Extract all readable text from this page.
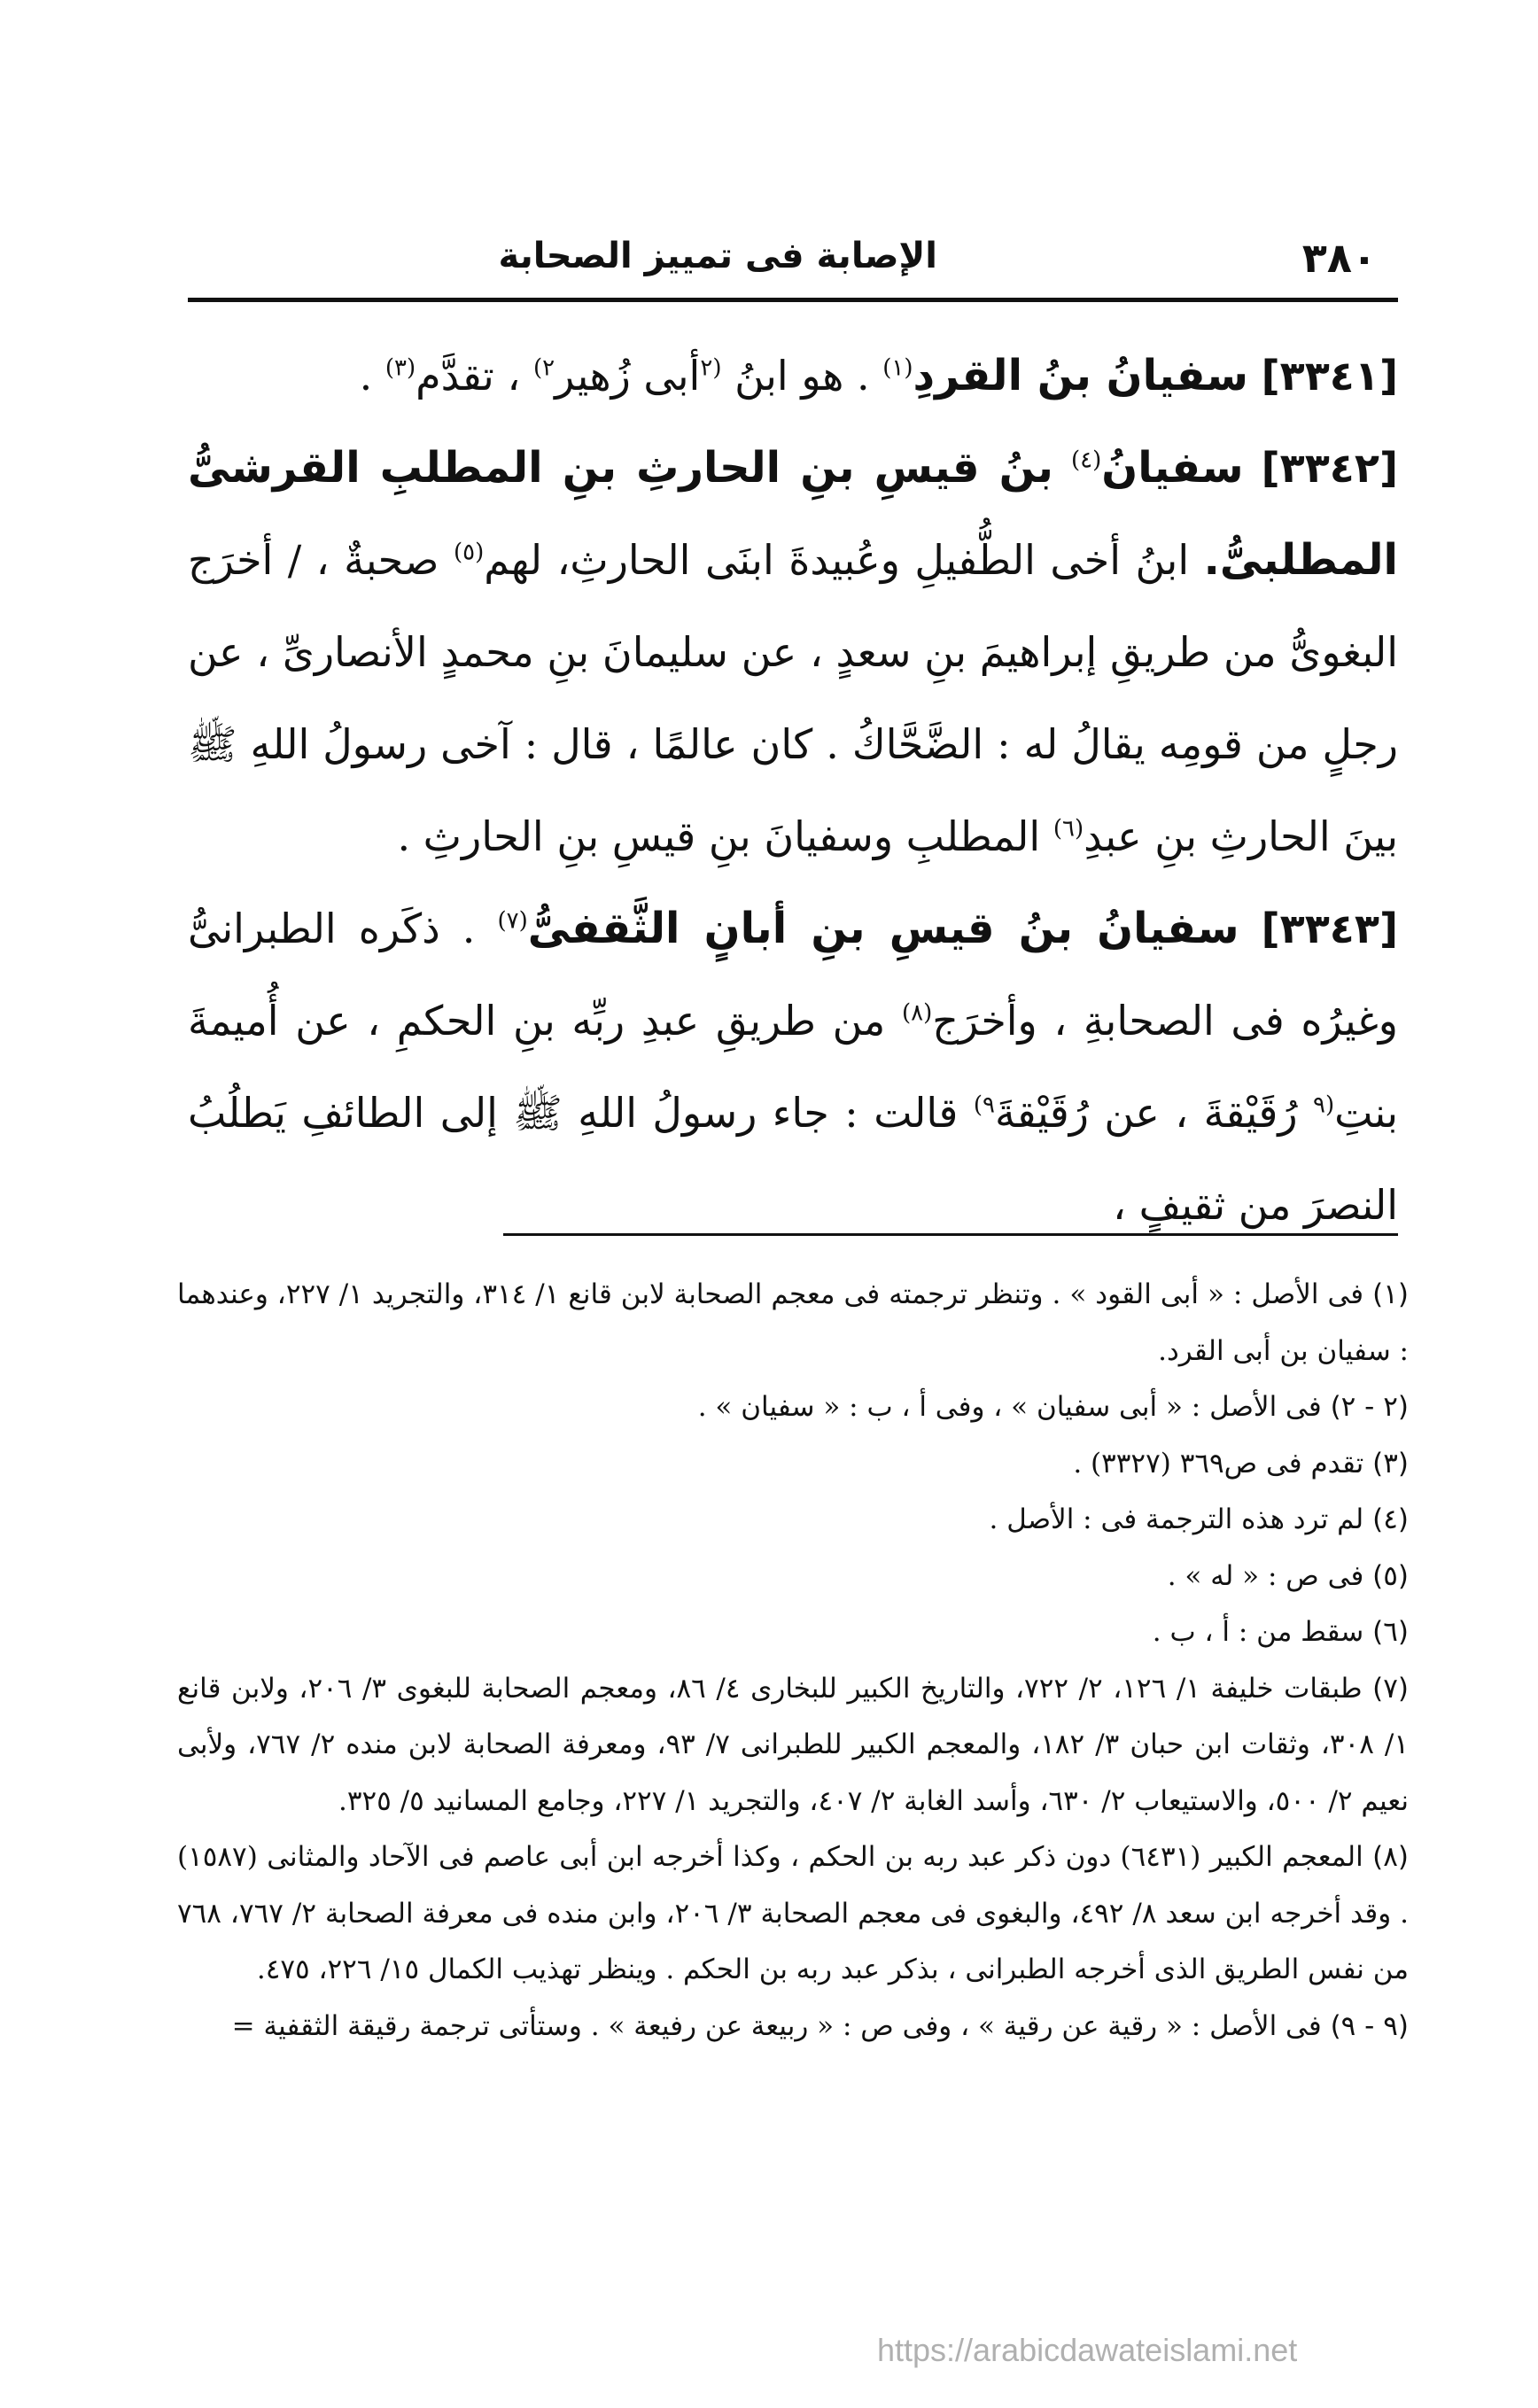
٣٨٠
الإصابة فى تمييز الصحابة

[٣٣٤١] سفيانُ بنُ القردِ$^{(١)}$ . هو ابنُ $^{(٢}$أبى زُهير$^{٢)}$ ، تقدَّم$^{(٣)}$ .

[٣٣٤٢] سفيانُ$^{(٤)}$ بنُ قيسِ بنِ الحارثِ بنِ المطلبِ القرشىُّ المطلبىُّ. ابنُ أخى الطُّفيلِ وعُبيدةَ ابنَى الحارثِ، لهم$^{(٥)}$ صحبةٌ ، / أخرَج البغوىُّ من طريقِ إبراهيمَ بنِ سعدٍ ، عن سليمانَ بنِ محمدٍ الأنصارىِّ ، عن رجلٍ من قومِه يقالُ له : الضَّحَّاكُ . كان عالمًا ، قال : آخى رسولُ اللهِ ﷺ بينَ الحارثِ بنِ عبدِ$^{(٦)}$ المطلبِ وسفيانَ بنِ قيسِ بنِ الحارثِ .

[٣٣٤٣] سفيانُ بنُ قيسِ بنِ أبانٍ الثَّقفىُّ$^{(٧)}$ . ذكَره الطبرانىُّ وغيرُه فى الصحابةِ ، وأخرَج$^{(٨)}$ من طريقِ عبدِ ربِّه بنِ الحكمِ ، عن أُميمةَ بنتِ$^{(٩}$ رُقَيْقةَ ، عن رُقَيْقةَ$^{٩)}$ قالت : جاء رسولُ اللهِ ﷺ إلى الطائفِ يَطلُبُ النصرَ من ثقيفٍ ،

(١) فى الأصل : « أبى القود » . وتنظر ترجمته فى معجم الصحابة لابن قانع ١/ ٣١٤، والتجريد ١/ ٢٢٧، وعندهما : سفيان بن أبى القرد.

(٢ - ٢) فى الأصل : « أبى سفيان » ، وفى أ ، ب : « سفيان » .

(٣) تقدم فى ص٣٦٩ (٣٣٢٧) .

(٤) لم ترد هذه الترجمة فى : الأصل .

(٥) فى ص : « له » .

(٦) سقط من : أ ، ب .

(٧) طبقات خليفة ١/ ١٢٦، ٢/ ٧٢٢، والتاريخ الكبير للبخارى ٤/ ٨٦، ومعجم الصحابة للبغوى ٣/ ٢٠٦، ولابن قانع ١/ ٣٠٨، وثقات ابن حبان ٣/ ١٨٢، والمعجم الكبير للطبرانى ٧/ ٩٣، ومعرفة الصحابة لابن منده ٢/ ٧٦٧، ولأبى نعيم ٢/ ٥٠٠، والاستيعاب ٢/ ٦٣٠، وأسد الغابة ٢/ ٤٠٧، والتجريد ١/ ٢٢٧، وجامع المسانيد ٥/ ٣٢٥.

(٨) المعجم الكبير (٦٤٣١) دون ذكر عبد ربه بن الحكم ، وكذا أخرجه ابن أبى عاصم فى الآحاد والمثانى (١٥٨٧) . وقد أخرجه ابن سعد ٨/ ٤٩٢، والبغوى فى معجم الصحابة ٣/ ٢٠٦، وابن منده فى معرفة الصحابة ٢/ ٧٦٧، ٧٦٨ من نفس الطريق الذى أخرجه الطبرانى ، بذكر عبد ربه بن الحكم . وينظر تهذيب الكمال ١٥/ ٢٢٦، ٤٧٥.

(٩ - ٩) فى الأصل : « رقية عن رقية » ، وفى ص : « ربيعة عن رفيعة » . وستأتى ترجمة رقيقة الثقفية =

https://arabicdawateislami.net
